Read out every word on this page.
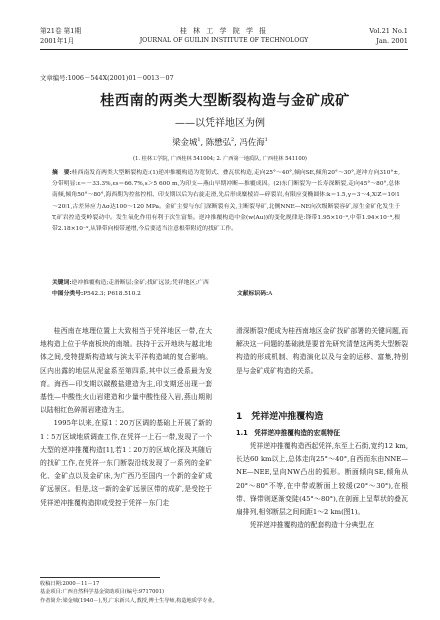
第21卷 第1期
2001年1月
桂 林 工 学 院 学 报
JOURNAL OF GUILIN INSTITUTE OF TECHNOLOGY
Vol.21 No.1
Jan. 2001
文章编号:1006－544X(2001)01－0013－07
桂西南的两类大型断裂构造与金矿成矿
——以凭祥地区为例
梁金城$^1$, 陈懋弘$^2$, 冯佐海$^1$
(1. 桂林工学院, 广西桂林 541004; 2. 广西第一地质队, 广西桂林 541100)
摘　要:桂西南发育两类大型断裂构造:(1)逆冲推覆构造为宽韧式、叠瓦状构造,走向25°～40°,倾向SE,倾角20°～30°,逆冲方向310°±,分带明显:ε＝－33.3%,εs＝66.7%,s＞5 600 m,为印支—燕山早期冲断—推覆成因。(2)东门断裂为一长寿深断裂,走向45°～80°,总体南倾,倾角50°～80°,海西期为控盆控相、印支期以后为右旋走滑,先后形成糜棱岩—碎裂岩,有限应变椭圆体:k＝1.5,γ＝3～4,X∶Z＝10∶1～20∶1,古差异应力Δσ达100～120 MPa。金矿主要与东门深断裂有关,主断裂导矿,北侧NNE—NE向次级断裂容矿,原生金矿化发生于T,矿岩控造受岭裂动中。发生氧化作用有利于次生富集。逆冲推覆构造中金(w(Au))的变化规律是:锋带1.95×10⁻⁹,中带1.94×10⁻⁹,根带2.18×10⁻⁹,从锋带向根带递增,今后要适当注意根带附近的找矿工作。
关键词:逆冲推覆构造;走滑断层;金矿;找矿远景;凭祥地区;广西
中图分类号:P542.3; P618.510.2	文献标识码:A

桂西南在地理位置上大致相当于凭祥地区一带,在大地构造上位于华南板块的南端。扶持于云开地块与越北地体之间,受特提斯构造域与滨太平洋构造域的复合影响。区内出露的地层从泥盆系至第四系,其中以三叠系最为发育。海西—印支期以碳酸盐建造为主,印支期还出现一套基性—中酸性火山岩建造和少量中酸性侵入岩,燕山期则以陆相红色碎屑岩建造为主。

1995年以来,在原1∶20万区调的基础上开展了新的1∶5万区域地质调查工作,在凭祥一上石一带,发现了一个大型的逆冲推覆构造[1],若1∶20万的区域化探及其随后的找矿工作,在凭祥一东门断裂沿线发现了一系列的金矿化、金矿点以及金矿床,为广西乃至国内一个新的金矿成矿远景区。但是,这一新的金矿远景区带的成矿,是受控于凭祥逆冲推覆构造抑或受控于凭祥－东门走

滑深断裂?便成为桂西南地区金矿找矿部署的关键问题,而解决这一问题的基础就是要首先研究清楚这两类大型断裂构造的形成机制、构造演化以及与金的运移、富集,特别是与金矿成矿构造的关系。

1　凭祥逆冲推覆构造
1.1　凭祥逆冲推覆构造的宏观特征

凭祥逆冲推覆构造西起凭祥,东至上石街,宽约12 km,长达60 km以上,总体走向25°～40°,自西而东由NNE—NE—NEE,呈向NW凸出的弧形。断面倾向SE,倾角从20°～80°不等,在中带或断面上较缓(20°～30°),在根带、锋带则逐渐变陡(45°～80°),在剖面上呈犁状的叠瓦扇排列,相邻断层之间间距1～2 km(图1)。

凭祥逆冲推覆构造的配套构造十分典型,在

收稿日期:2000－11－17
基金项目:广西自然科学基金资助项目(编号:9717001)
作者简介:梁金城(1940－),男,广东新兴人,教授,博士生导师,构造地质学专业。
